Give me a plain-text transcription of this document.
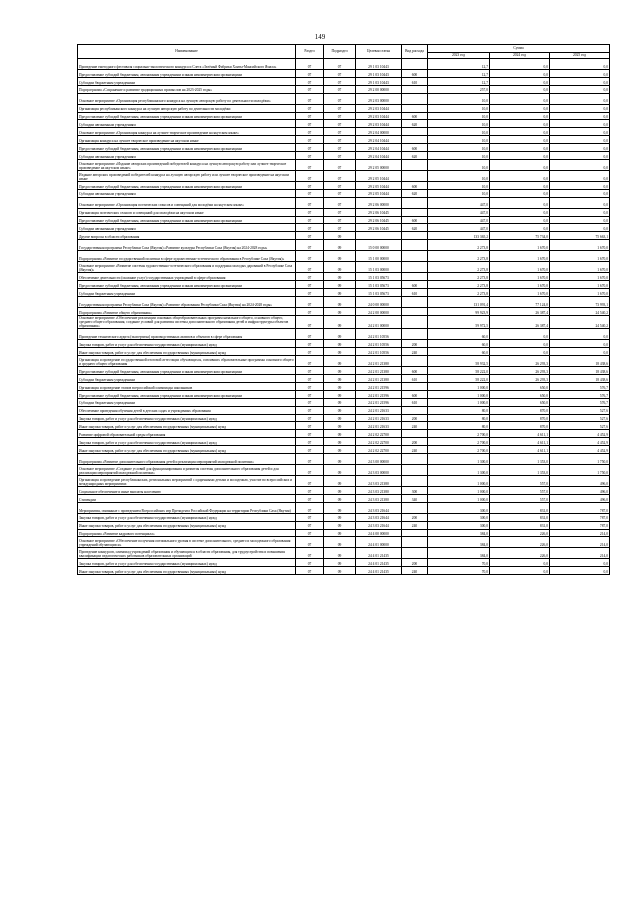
149
Наименование	Раздел	Подраздел	Целевая статья	Вид расхода	Сумма		
					2023 год	2024 год	2025 год
Проведение ежегодного фестиваля социально-экологического конкурса и Слета «Зелёный Фабрики Ханты-Мансийского Ямала»	07	07	29 1 03 10443		12,7	0,0	0,0
Предоставление субсидий бюджетным, автономным учреждениям и иным некоммерческим организациям	07	07	29 1 03 10443	600	12,7	0,0	0,0
Субсидии бюджетным учреждениям	07	07	29 1 03 10443	610	12,7	0,0	0,0
Подпрограмма «Сохранение и развитие традиционных промыслов на 2023-2025 годы»	07	07	29 2 00 00000		257,0	0,0	0,0
Основное мероприятие «Организация республиканского конкурса на лучшую авторскую работу по деятельности молодёжи»	07	07	29 2 03 00000		10,0	0,0	0,0
Организация республиканского конкурса на лучшую авторскую работу по деятельности молодёжи	07	07	29 2 03 10444		10,0	0,0	0,0
Предоставление субсидий бюджетным, автономным учреждениям и иным некоммерческим организациям	07	07	29 2 03 10444	600	10,0	0,0	0,0
Субсидии автономным учреждениям	07	07	29 2 03 10444	620	10,0	0,0	0,0
Основное мероприятие «Организация конкурса на лучшее творческое произведение на якутском языке»	07	07	29 2 04 00000		10,0	0,0	0,0
Организация конкурса на лучшее творческое произведение на якутском языке	07	07	29 2 04 10444		10,0	0,0	0,0
Предоставление субсидий бюджетным, автономным учреждениям и иным некоммерческим организациям	07	07	29 2 04 10444	600	10,0	0,0	0,0
Субсидии автономным учреждениям	07	07	29 2 04 10444	620	10,0	0,0	0,0
Основное мероприятие «Издание авторских произведений победителей конкурса на лучшую авторскую работу или лучшее творческое произведение на якутском языке»	07	07	29 2 05 00000		10,0	0,0	0,0
Издание авторских произведений победителей конкурса на лучшую авторскую работу или лучшее творческое произведение на якутском языке	07	07	29 2 05 10444		10,0	0,0	0,0
Предоставление субсидий бюджетным, автономным учреждениям и иным некоммерческим организациям	07	07	29 2 05 10444	600	10,0	0,0	0,0
Субсидии автономным учреждениям	07	07	29 2 05 10444	620	10,0	0,0	0,0
Основное мероприятие «Организация поэтических сеансов и совещаний для молодёжи на якутском языке»	07	07	29 2 06 00000		447,0	0,0	0,0
Организация поэтических сеансов и совещаний для молодёжи на якутском языке	07	07	29 2 06 10445		447,0	0,0	0,0
Предоставление субсидий бюджетным, автономным учреждениям и иным некоммерческим организациям	07	07	29 2 06 10445	600	447,0	0,0	0,0
Субсидии автономным учреждениям	07	07	29 2 06 10445	620	447,0	0,0	0,0
Другие вопросы в области образования	07	09			133 365,2	75 734,0	75 663,1
Государственная программа Республики Саха (Якутия) «Развитие культуры Республики Саха (Якутия) на 2024-2028 годы»	07	09	15 0 00 00000		2 273,8	1 670,0	1 670,0
Подпрограмма «Развитие государственной политики в сфере художественно-эстетического образования в Республике Саха (Якутия)»	07	09	15 1 00 00000		2 273,8	1 670,0	1 670,0
Основное мероприятие «Развитие системы художественно-эстетического образования и поддержка молодых дарований в Республике Саха (Якутия)»	07	09	15 1 03 00000		2 273,8	1 670,0	1 670,0
Обеспечение деятельности (оказание услуг) государственных учреждений в сфере образования	07	09	15 1 03 05673		2 273,8	1 670,0	1 670,0
Предоставление субсидий бюджетным, автономным учреждениям и иным некоммерческим организациям	07	09	15 1 03 05673	600	2 273,8	1 670,0	1 670,0
Субсидии бюджетным учреждениям	07	09	15 1 03 05673	610	2 273,8	1 670,0	1 670,0
Государственная программа Республики Саха (Якутия) «Развитие образования Республики Саха (Якутия) на 2024-2028 годы»	07	09	24 0 00 00000		131 091,4	77 124,0	73 993,1
Подпрограмма «Развитие общего образования»	07	09	24 2 00 00000		99 923,9	26 387,4	24 540,2
Основное мероприятие «Обеспечение реализации основных общеобразовательных программ начального общего, основного общего, среднего общего образования, создание условий для развития системы дополнительного образования детей и инфраструктуры объектов образования»	07	09	24 2 01 00000		59 972,5	26 387,4	24 540,2
Проведение технического аудита (экспертизы) производственных активов и объектов в сфере образования	07	09	24 2 01 10556		60,0	0,0	0,0
Закупка товаров, работ и услуг для обеспечения государственных (муниципальных) нужд	07	09	24 2 01 10556	200	60,0	0,0	0,0
Иные закупки товаров, работ и услуг для обеспечения государственных (муниципальных) нужд	07	09	24 2 01 10556	240	60,0	0,0	0,0
Организация и проведение государственной итоговой аттестации обучающихся, освоивших образовательные программы основного общего и среднего общего образования	07	09	24 2 01 21380		58 932,5	26 293,3	18 438,6
Предоставление субсидий бюджетным, автономным учреждениям и иным некоммерческим организациям	07	09	24 2 01 21380	600	58 222,0	26 293,3	18 438,6
Субсидии бюджетным учреждениям	07	09	24 2 01 21380	610	58 222,0	26 293,3	18 438,6
Организация и проведение этапов всероссийской олимпиады школьников	07	09	24 2 01 21596		1 000,0	650,0	576,7
Предоставление субсидий бюджетным, автономным учреждениям и иным некоммерческим организациям	07	09	24 2 01 21596	600	1 000,0	650,0	576,7
Субсидии бюджетным учреждениям	07	09	24 2 01 21596	610	1 000,0	650,0	576,7
Обеспечение проведения обучения детей в детских садах и учреждениях образования	07	09	24 2 01 21633		80,0	870,0	527,6
Закупка товаров, работ и услуг для обеспечения государственных (муниципальных) нужд	07	09	24 2 01 21633	200	80,0	870,0	527,6
Иные закупки товаров, работ и услуг для обеспечения государственных (муниципальных) нужд	07	09	24 2 01 21633	240	80,0	870,0	527,6
Развитие цифровой образовательной среды образования	07	09	24 2 02 22700		2 700,0	4 611,1	4 452,9
Закупка товаров, работ и услуг для обеспечения государственных (муниципальных) нужд	07	09	24 2 02 22700	200	2 700,0	4 611,1	4 452,9
Иные закупки товаров, работ и услуг для обеспечения государственных (муниципальных) нужд	07	09	24 2 02 22700	240	2 700,0	4 611,1	4 452,9
Подпрограмма «Развитие дополнительного образования детей и реализация мероприятий молодежной политики»	07	09	24 3 00 00000		1 300,0	1 353,0	1 750,0
Основное мероприятие «Создание условий для функционирования и развития системы дополнительного образования детей и для реализации мероприятий молодежной политики»	07	09	24 3 03 00000		1 300,0	1 353,0	1 750,0
Организация и проведение республиканских, региональных мероприятий с одаренными детьми и молодежью, участие во всероссийских и международных мероприятиях	07	09	24 3 03 21380		1 000,0	557,0	496,0
Социальное обеспечение и иные выплаты населению	07	09	24 3 03 21380	300	1 000,0	557,0	496,0
Стипендии	07	09	24 3 03 21380	340	1 000,0	557,0	496,0
Мероприятия, связанные с проведением Всероссийских игр Президента Российской Федерации на территории Республики Саха (Якутия)	07	09	24 3 03 21644		300,0	831,0	787,0
Закупка товаров, работ и услуг для обеспечения государственных (муниципальных) нужд	07	09	24 3 03 21644	200	300,0	831,0	787,0
Иные закупки товаров, работ и услуг для обеспечения государственных (муниципальных) нужд	07	09	24 3 03 21644	240	300,0	831,0	787,0
Подпрограмма «Развитие кадрового потенциала»	07	09	24 4 00 00000		384,0	226,0	214,0
Основное мероприятие «Обеспечение получения оптимального уровня в системе дополнительного, среднего и молодежного образования учреждений обучающихся»	07	09	24 4 01 00000		384,0	226,0	214,0
Проведение конкурсов, олимпиад учреждений образования и обучающихся в области образования, для трудоустройства и повышения квалификации педагогических работников образовательных организаций	07	09	24 4 01 21435		384,0	226,0	214,0
Закупка товаров, работ и услуг для обеспечения государственных (муниципальных) нужд	07	09	24 4 01 21435	200	70,0	0,0	0,0
Иные закупки товаров, работ и услуг для обеспечения государственных (муниципальных) нужд	07	09	24 4 01 21435	240	70,0	0,0	0,0
